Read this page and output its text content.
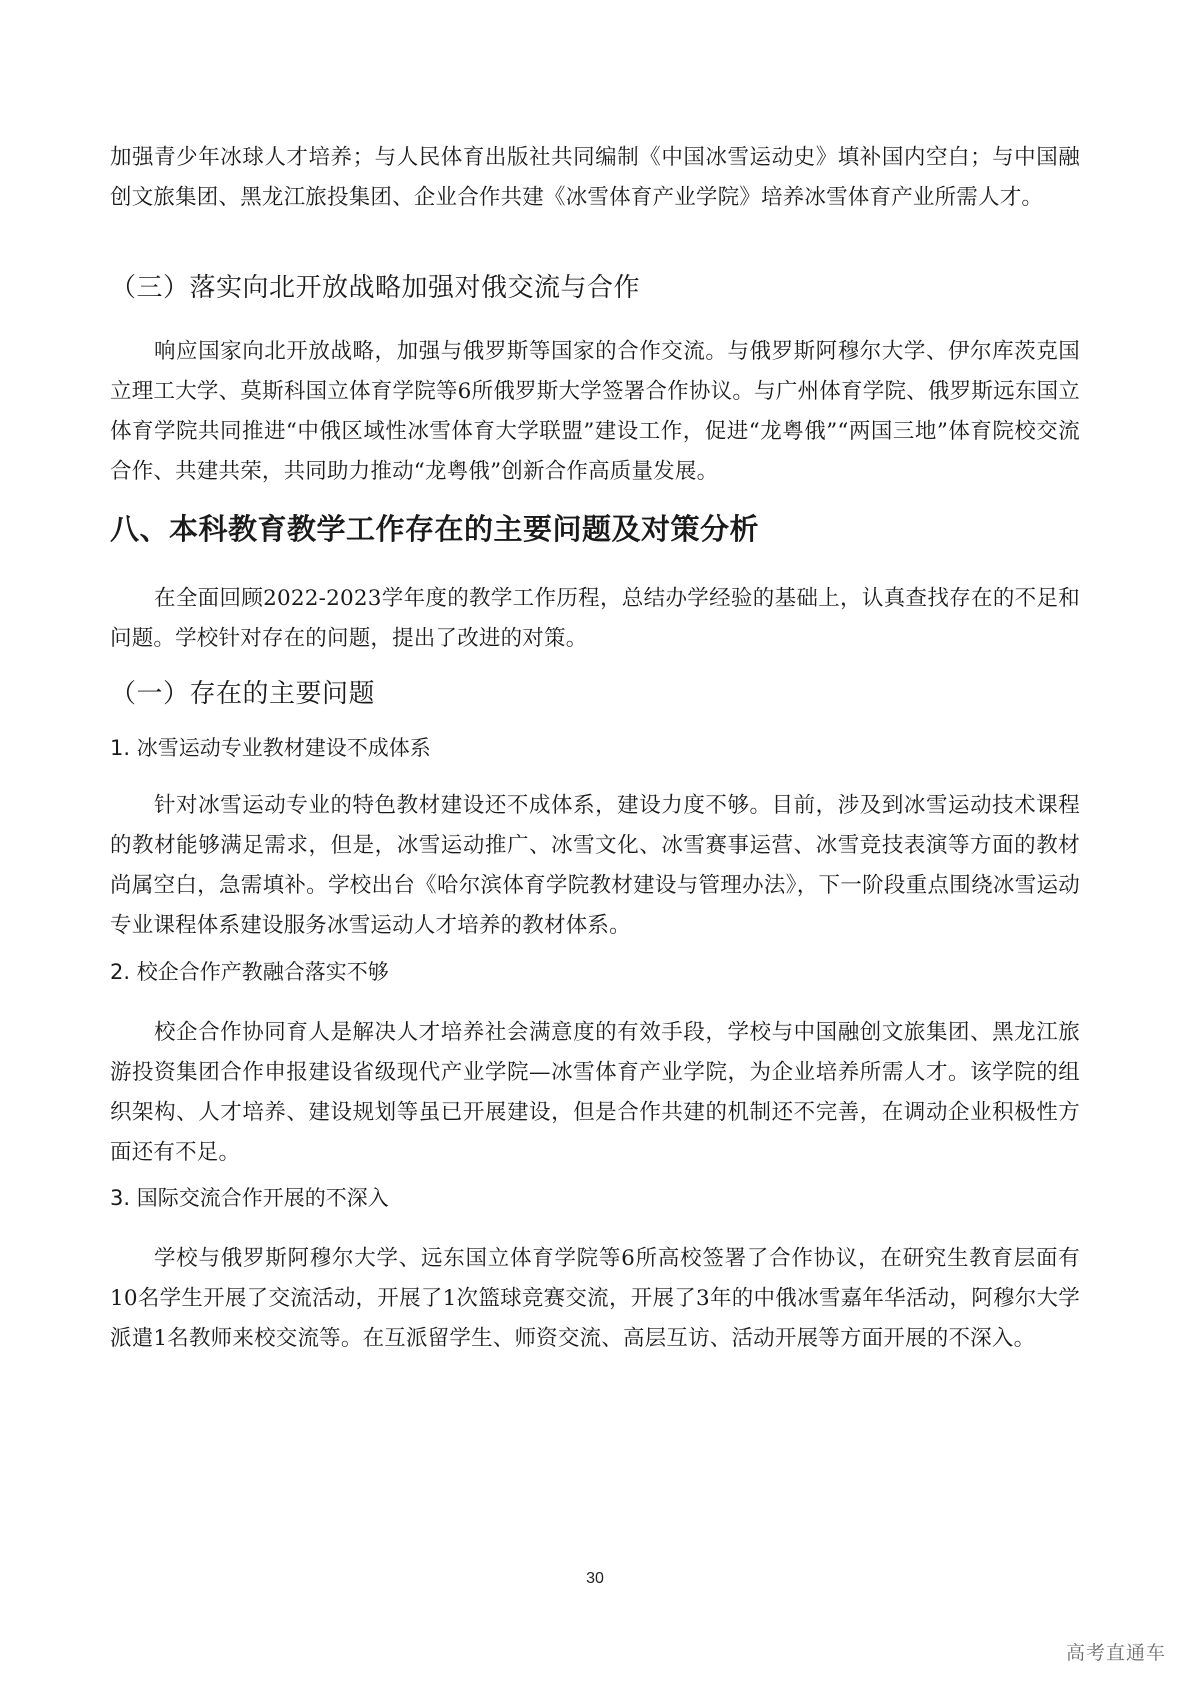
加强青少年冰球人才培养；与人民体育出版社共同编制《中国冰雪运动史》填补国内空白；与中国融创文旅集团、黑龙江旅投集团、企业合作共建《冰雪体育产业学院》培养冰雪体育产业所需人才。

（三）落实向北开放战略加强对俄交流与合作

响应国家向北开放战略，加强与俄罗斯等国家的合作交流。与俄罗斯阿穆尔大学、伊尔库茨克国立理工大学、莫斯科国立体育学院等6所俄罗斯大学签署合作协议。与广州体育学院、俄罗斯远东国立体育学院共同推进“中俄区域性冰雪体育大学联盟”建设工作，促进“龙粤俄”“两国三地”体育院校交流合作、共建共荣，共同助力推动“龙粤俄”创新合作高质量发展。

八、本科教育教学工作存在的主要问题及对策分析

在全面回顾2022-2023学年度的教学工作历程，总结办学经验的基础上，认真查找存在的不足和问题。学校针对存在的问题，提出了改进的对策。

（一）存在的主要问题
1. 冰雪运动专业教材建设不成体系

针对冰雪运动专业的特色教材建设还不成体系，建设力度不够。目前，涉及到冰雪运动技术课程的教材能够满足需求，但是，冰雪运动推广、冰雪文化、冰雪赛事运营、冰雪竞技表演等方面的教材尚属空白，急需填补。学校出台《哈尔滨体育学院教材建设与管理办法》，下一阶段重点围绕冰雪运动专业课程体系建设服务冰雪运动人才培养的教材体系。

2. 校企合作产教融合落实不够

校企合作协同育人是解决人才培养社会满意度的有效手段，学校与中国融创文旅集团、黑龙江旅游投资集团合作申报建设省级现代产业学院—冰雪体育产业学院，为企业培养所需人才。该学院的组织架构、人才培养、建设规划等虽已开展建设，但是合作共建的机制还不完善，在调动企业积极性方面还有不足。

3. 国际交流合作开展的不深入

学校与俄罗斯阿穆尔大学、远东国立体育学院等6所高校签署了合作协议，在研究生教育层面有10名学生开展了交流活动，开展了1次篮球竞赛交流，开展了3年的中俄冰雪嘉年华活动，阿穆尔大学派遣1名教师来校交流等。在互派留学生、师资交流、高层互访、活动开展等方面开展的不深入。

30
高考直通车
